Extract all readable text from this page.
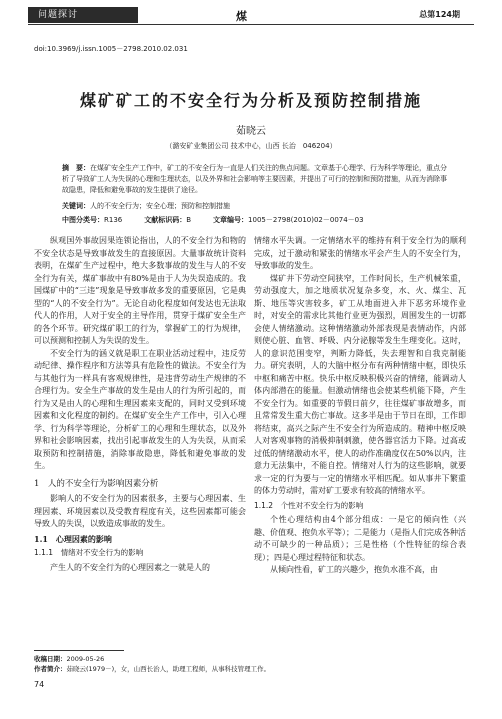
问题探讨	煤	总第124期
doi:10.3969/j.issn.1005－2798.2010.02.031
煤矿矿工的不安全行为分析及预防控制措施
茹晓云
（潞安矿业集团公司 技术中心，山西 长治　046204）
摘　要：在煤矿安全生产工作中，矿工的不安全行为一直是人们关注的焦点问题。文章基于心理学、行为科学等理论，重点分析了导致矿工人为失误的心理和生理状态，以及外界和社会影响等主要因素，并提出了可行的控制和预防措施，从而为消除事故隐患，降低和避免事故的发生提供了途径。
关键词：人的不安全行为；安全心理；预防和控制措施
中图分类号：R136	文献标识码：B	文章编号：1005－2798(2010)02－0074－03

纵观国外事故因果连锁论指出，人的不安全行为和物的不安全状态是导致事故发生的直接原因。大量事故统计资料表明，在煤矿生产过程中，绝大多数事故的发生与人的不安全行为有关，煤矿事故中有80%是由于人为失误造成的。我国煤矿中的“三违”现象是导致事故多发的重要原因，它是典型的“人的不安全行为”。无论自动化程度如何发达也无法取代人的作用，人对于安全的主导作用，贯穿于煤矿安全生产的各个环节。研究煤矿职工的行为，掌握矿工的行为规律，可以预测和控制人为失误的发生。

不安全行为的涵义就是职工在职业活动过程中，违反劳动纪律、操作程序和方法等具有危险性的做法。不安全行为与其他行为一样具有客观规律性，是违背劳动生产规律的不合理行为。安全生产事故的发生是由人的行为所引起的，而行为又是由人的心理和生理因素来支配的，同时又受到环境因素和文化程度的制约。在煤矿安全生产工作中，引入心理学、行为科学等理论，分析矿工的心理和生理状态，以及外界和社会影响因素，找出引起事故发生的人为失误，从而采取预防和控制措施，消除事故隐患，降低和避免事故的发生。

1　人的不安全行为影响因素分析

影响人的不安全行为的因素很多，主要与心理因素、生理因素、环境因素以及受教育程度有关，这些因素都可能会导致人的失误，以致造成事故的发生。

1.1　心理因素的影响

1.1.1　情绪对不安全行为的影响

产生人的不安全行为的心理因素之一就是人的

情绪水平失调。一定情绪水平的维持有利于安全行为的顺利完成，过于激动和紧张的情绪水平会产生人的不安全行为，导致事故的发生。

煤矿井下劳动空间狭窄，工作时间长，生产机械笨重，劳动强度大，加之地质状况复杂多变，水、火、煤尘、瓦斯、地压等灾害较多，矿工从地面进入井下恶劣环境作业时，对安全的需求比其他行业更为强烈，周围发生的一切都会使人情绪激动。这种情绪激动外部表现是表情动作，内部则使心脏、血管、呼吸、内分泌腺等发生生理变化。这时，人的意识范围变窄，判断力降低，失去理智和自我克制能力。研究表明，人的大脑中枢分布有两种情绪中枢，即快乐中枢和痛苦中枢。快乐中枢反映积极兴奋的情绪，能调动人体内部潜在的能量。但激动情绪也会使某些机能下降，产生不安全行为。如重要的节假日前夕，往往煤矿事故增多，而且常常发生重大伤亡事故。这多半是由于节日在即，工作即将结束，高兴之际产生不安全行为所造成的。精神中枢反映人对客观事物的消极抑制刺激，使各器官活力下降。过高或过低的情绪激动水平，使人的动作准确度仅在50%以内，注意力无法集中，不能自控。情绪对人行为的这些影响，就要求一定的行为要与一定的情绪水平相匹配。如从事井下繁重的体力劳动时，需对矿工要求有较高的情绪水平。

1.1.2　个性对不安全行为的影响

个性心理结构由4个部分组成：一是它的倾向性（兴趣、价值观、抱负水平等）；二是能力（是指人们完成各种活动不可缺少的一种品质）；三是性格（个性特征的综合表现）；四是心理过程特征和状态。

从倾向性看，矿工的兴趣少，抱负水准不高，由

收稿日期：2009-05-26
作者简介：茹晓云(1979－)，女，山西长治人，助理工程师，从事科技管理工作。
74
